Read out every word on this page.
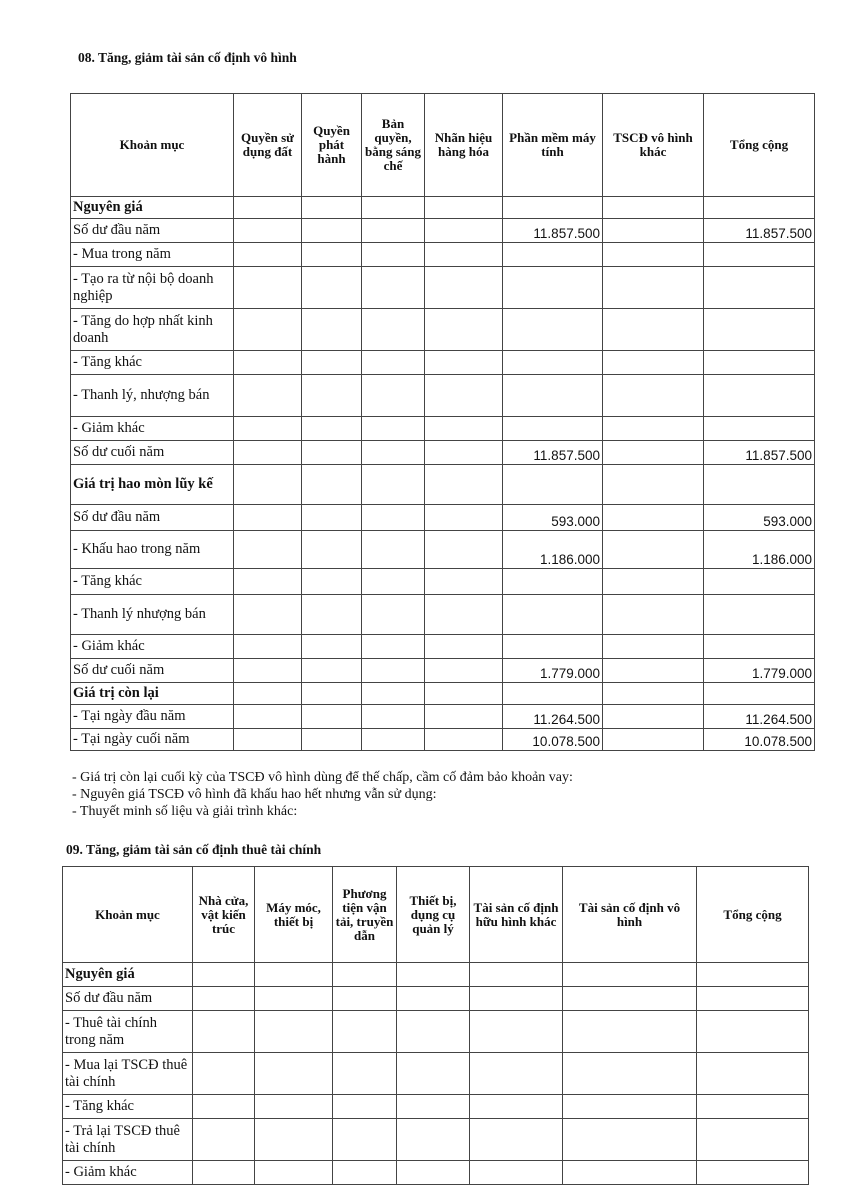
08. Tăng, giảm tài sản cố định vô hình
Khoản mục	Quyền sử dụng đất	Quyền phát hành	Bản quyền, bằng sáng chế	Nhãn hiệu hàng hóa	Phần mềm máy tính	TSCĐ vô hình khác	Tổng cộng
Nguyên giá							
Số dư đầu năm					11.857.500		11.857.500
- Mua trong năm							
- Tạo ra từ nội bộ doanh nghiệp							
- Tăng do hợp nhất kinh doanh							
- Tăng khác							
- Thanh lý, nhượng bán							
- Giảm khác							
Số dư cuối năm					11.857.500		11.857.500
Giá trị hao mòn lũy kế							
Số dư đầu năm					593.000		593.000
- Khấu hao trong năm					1.186.000		1.186.000
- Tăng khác							
- Thanh lý nhượng bán							
- Giảm khác							
Số dư cuối năm					1.779.000		1.779.000
Giá trị còn lại							
- Tại ngày đầu năm					11.264.500		11.264.500
- Tại ngày cuối năm					10.078.500		10.078.500
- Giá trị còn lại cuối kỳ của TSCĐ vô hình dùng để thế chấp, cầm cố đảm bảo khoản vay:
- Nguyên giá TSCĐ vô hình đã khấu hao hết nhưng vẫn sử dụng:
- Thuyết minh số liệu và giải trình khác:
09. Tăng, giảm tài sản cố định thuê tài chính
Khoản mục	Nhà cửa, vật kiến trúc	Máy móc, thiết bị	Phương tiện vận tải, truyền dẫn	Thiết bị, dụng cụ quản lý	Tài sản cố định hữu hình khác	Tài sản cố định vô hình	Tổng cộng
Nguyên giá							
Số dư đầu năm							
- Thuê tài chính trong năm							
- Mua lại TSCĐ thuê tài chính							
- Tăng khác							
- Trả lại TSCĐ thuê tài chính							
- Giảm khác							
